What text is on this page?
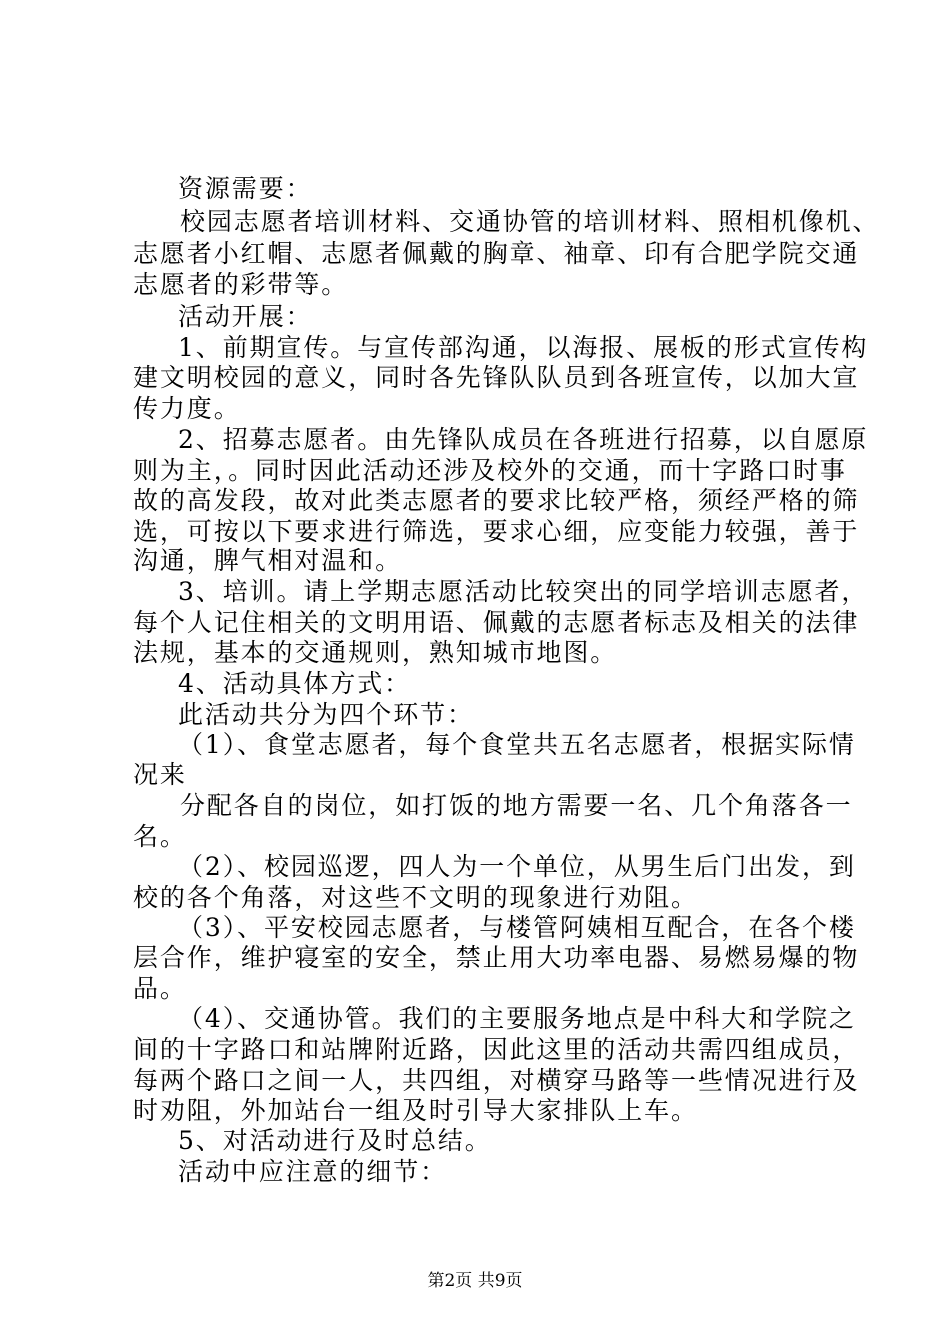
资源需要：
校园志愿者培训材料、交通协管的培训材料、照相机像机、
志愿者小红帽、志愿者佩戴的胸章、袖章、印有合肥学院交通
志愿者的彩带等。
活动开展：
1、前期宣传。与宣传部沟通，以海报、展板的形式宣传构
建文明校园的意义，同时各先锋队队员到各班宣传，以加大宣
传力度。
2、招募志愿者。由先锋队成员在各班进行招募，以自愿原
则为主，。同时因此活动还涉及校外的交通，而十字路口时事
故的高发段，故对此类志愿者的要求比较严格，须经严格的筛
选，可按以下要求进行筛选，要求心细，应变能力较强，善于
沟通，脾气相对温和。
3、培训。请上学期志愿活动比较突出的同学培训志愿者，
每个人记住相关的文明用语、佩戴的志愿者标志及相关的法律
法规，基本的交通规则，熟知城市地图。
4、活动具体方式：
此活动共分为四个环节：
（1）、食堂志愿者，每个食堂共五名志愿者，根据实际情
况来
分配各自的岗位，如打饭的地方需要一名、几个角落各一
名。
（2）、校园巡逻，四人为一个单位，从男生后门出发，到
校的各个角落，对这些不文明的现象进行劝阻。
（3）、平安校园志愿者，与楼管阿姨相互配合，在各个楼
层合作，维护寝室的安全，禁止用大功率电器、易燃易爆的物
品。
（4）、交通协管。我们的主要服务地点是中科大和学院之
间的十字路口和站牌附近路，因此这里的活动共需四组成员，
每两个路口之间一人，共四组，对横穿马路等一些情况进行及
时劝阻，外加站台一组及时引导大家排队上车。
5、对活动进行及时总结。
活动中应注意的细节：
第2页 共9页
